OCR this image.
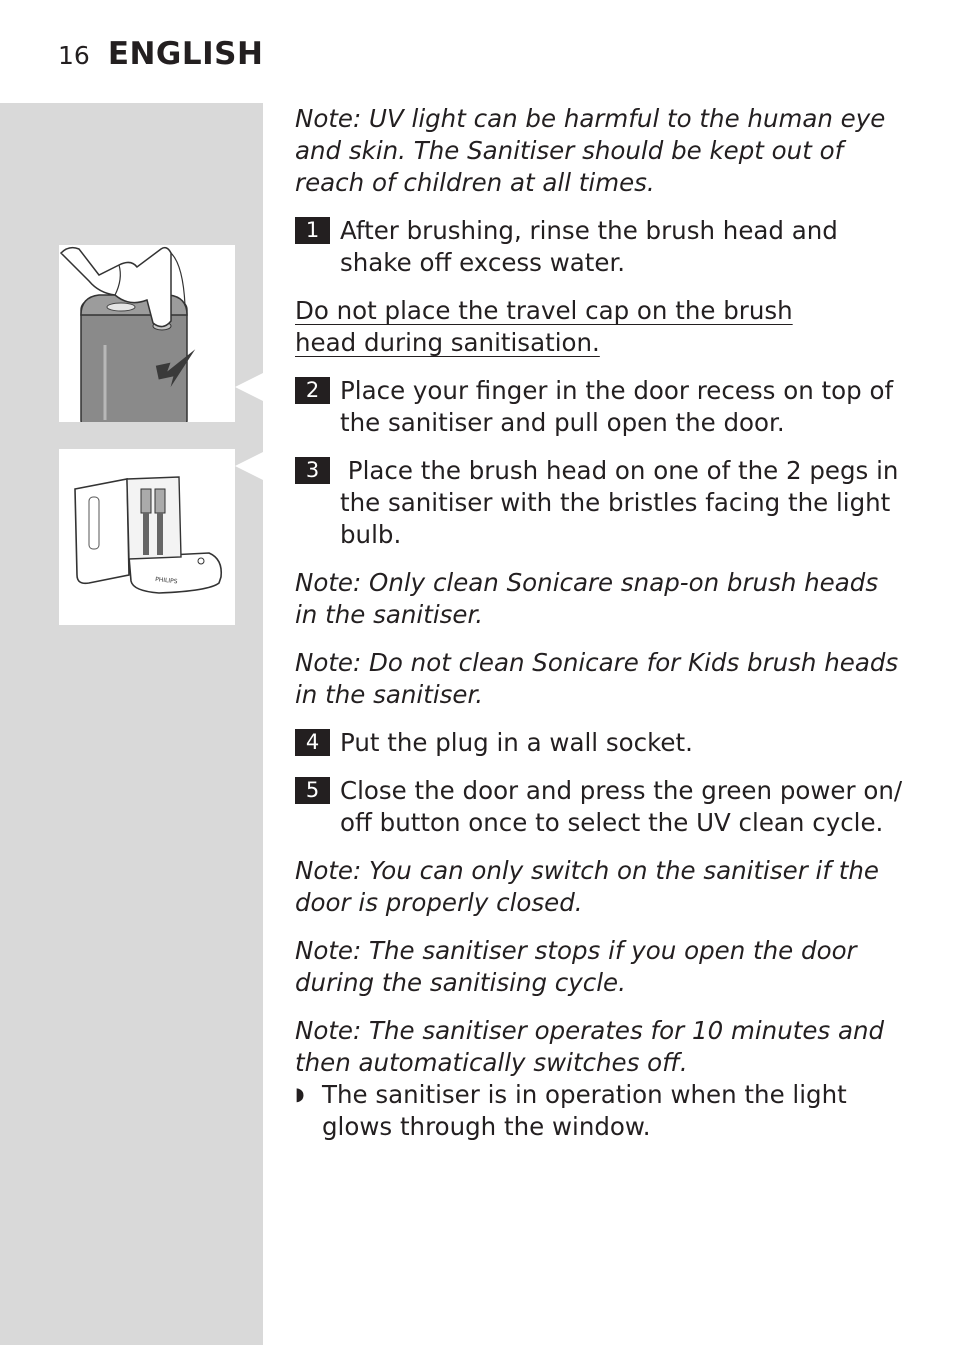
16 ENGLISH
PHILIPS

Note: UV light can be harmful to the human eye and skin. The Sanitiser should be kept out of reach of children at all times.

1 After brushing, rinse the brush head and shake off excess water.

Do not place the travel cap on the brush head during sanitisation.

2 Place your finger in the door recess on top of the sanitiser and pull open the door.
3 Place the brush head on one of the 2 pegs in the sanitiser with the bristles facing the light bulb.

Note: Only clean Sonicare snap-on brush heads in the sanitiser.

Note: Do not clean Sonicare for Kids brush heads in the sanitiser.

4 Put the plug in a wall socket.
5 Close the door and press the green power on/ off button once to select the UV clean cycle.

Note: You can only switch on the sanitiser if the door is properly closed.

Note: The sanitiser stops if you open the door during the sanitising cycle.

Note: The sanitiser operates for 10 minutes and then automatically switches off.

◗ The sanitiser is in operation when the light glows through the window.
